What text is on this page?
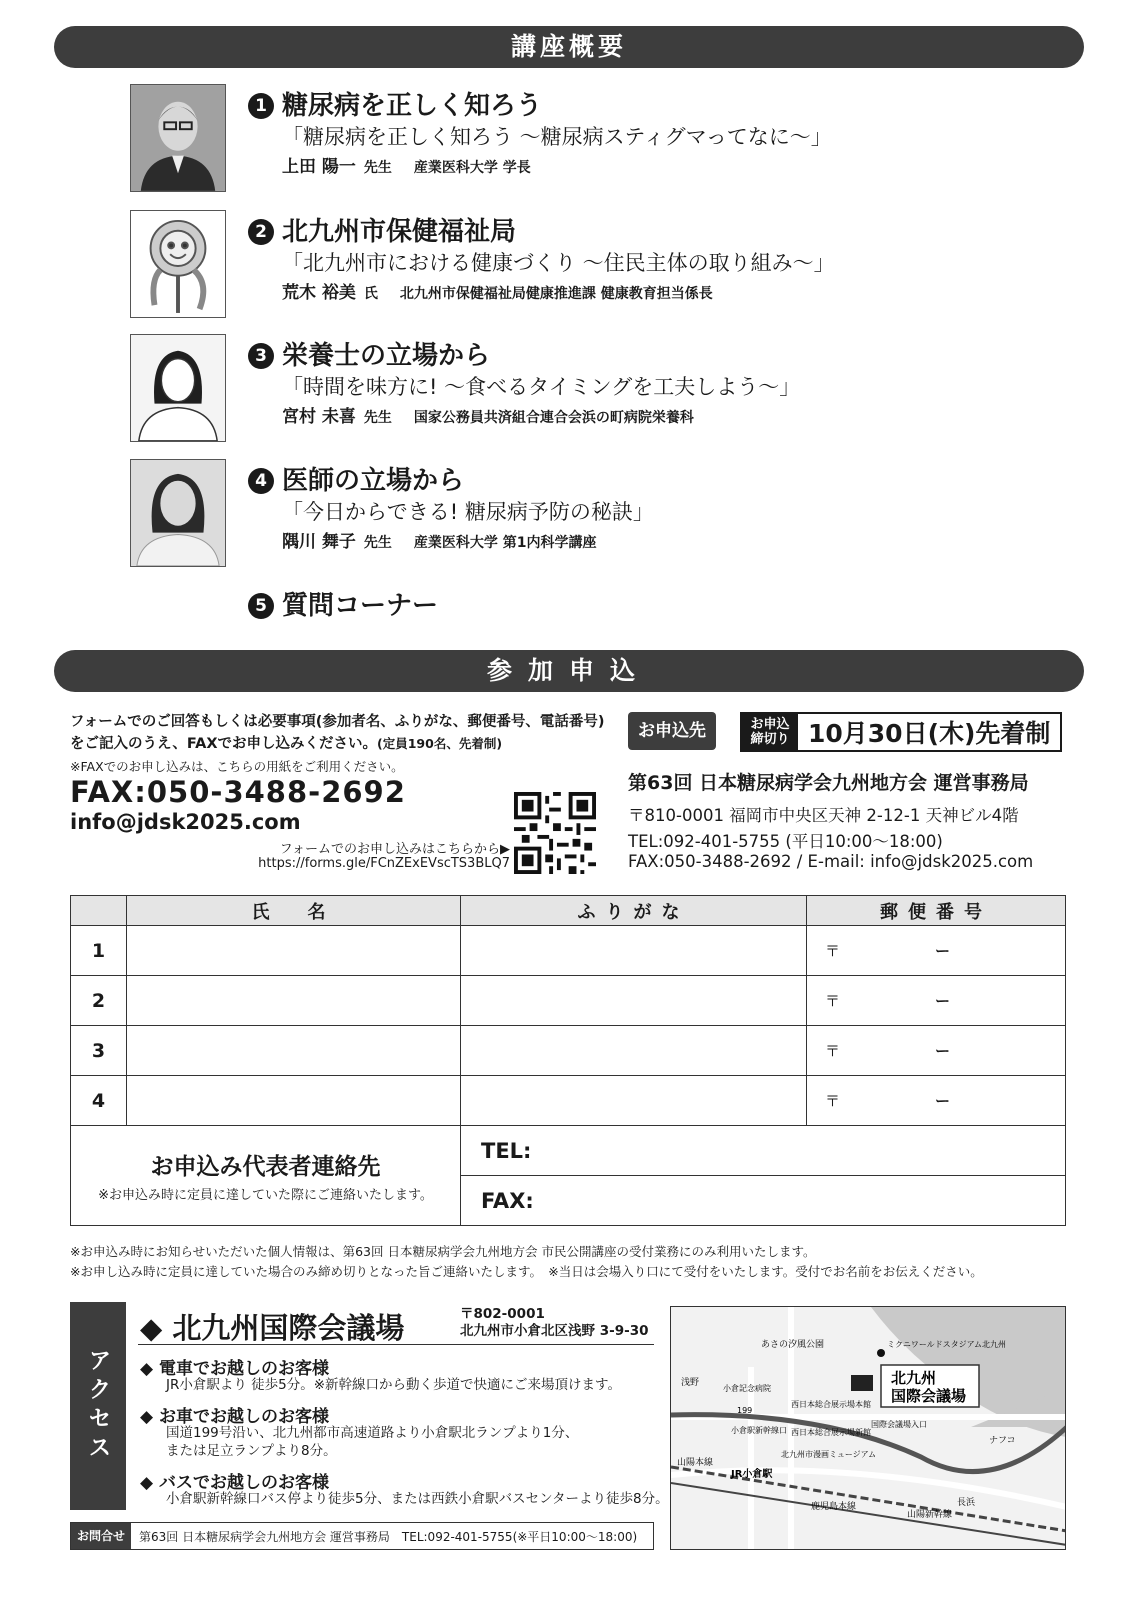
講座概要
1 糖尿病を正しく知ろう
「糖尿病を正しく知ろう ～糖尿病スティグマってなに～」
上田 陽一 先生 産業医科大学 学長
2 北九州市保健福祉局
「北九州市における健康づくり ～住民主体の取り組み～」
荒木 裕美 氏 北九州市保健福祉局健康推進課 健康教育担当係長
3 栄養士の立場から
「時間を味方に! ～食べるタイミングを工夫しよう～」
宮村 未喜 先生 国家公務員共済組合連合会浜の町病院栄養科
4 医師の立場から
「今日からできる! 糖尿病予防の秘訣」
隅川 舞子 先生 産業医科大学 第1内科学講座
5 質問コーナー
参加申込
フォームでのご回答もしくは必要事項(参加者名、ふりがな、郵便番号、電話番号)をご記入のうえ、FAXでお申し込みください。(定員190名、先着制)
※FAXでのお申し込みは、こちらの用紙をご利用ください。
FAX:050-3488-2692
info@jdsk2025.com
フォームでのお申し込みはこちらから▶
https://forms.gle/FCnZExEVscTS3BLQ7
お申込先	お申込締切り 10月30日(木)先着制
第63回 日本糖尿病学会九州地方会 運営事務局
〒810-0001 福岡市中央区天神 2-12-1 天神ビル4階
TEL:092-401-5755 (平日10:00～18:00)
FAX:050-3488-2692 / E-mail: info@jdsk2025.com
	氏　名	ふりがな	郵便番号
1			〒 ー
2			〒 ー
3			〒 ー
4			〒 ー

お申込み代表者連絡先
※お申込み時に定員に達していた際にご連絡いたします。		TEL:	
		FAX:	
※お申込み時にお知らせいただいた個人情報は、第63回 日本糖尿病学会九州地方会 市民公開講座の受付業務にのみ利用いたします。
※お申し込み時に定員に達していた場合のみ締め切りとなった旨ご連絡いたします。　※当日は会場入り口にて受付をいたします。受付でお名前をお伝えください。
アクセス
◆ 北九州国際会議場	〒802-0001
北九州市小倉北区浅野 3-9-30
◆ 電車でお越しのお客様
JR小倉駅より 徒歩5分。※新幹線口から動く歩道で快適にご来場頂けます。
◆ お車でお越しのお客様
国道199号沿い、北九州都市高速道路より小倉駅北ランプより1分、
または足立ランプより8分。
◆ バスでお越しのお客様
小倉駅新幹線口バス停より徒歩5分、または西鉄小倉駅バスセンターより徒歩8分。
お問合せ	第63回 日本糖尿病学会九州地方会 運営事務局　TEL:092-401-5755(※平日10:00～18:00)
北九州
国際会議場
ミクニワールドスタジアム北九州
西日本総合展示場本館
西日本総合展示場新館
小倉記念病院
JR小倉駅
山陽本線
鹿児島本線
山陽新幹線
あさの汐風公園
北九州市漫画ミュージアム
ナフコ
浅野
小倉駅新幹線口
199
国際会議場入口
長浜
